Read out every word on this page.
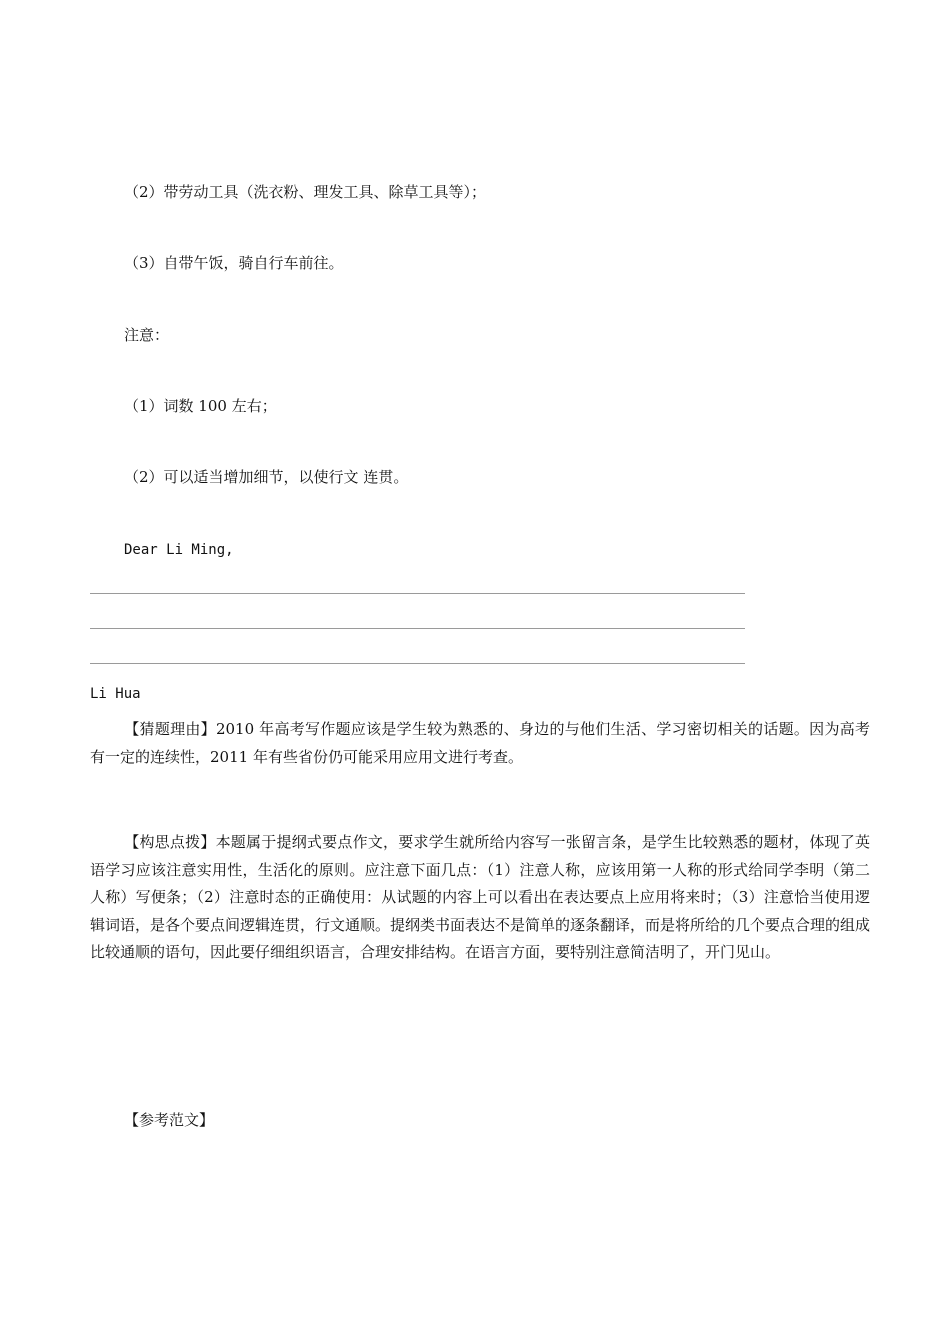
（2）带劳动工具（洗衣粉、理发工具、除草工具等）；
（3）自带午饭，骑自行车前往。
注意：
（1）词数 100 左右；
（2）可以适当增加细节，以使行文 连贯。
Dear Li Ming,
Li Hua
【猜题理由】2010 年高考写作题应该是学生较为熟悉的、身边的与他们生活、学习密切相关的话题。因为高考有一定的连续性，2011 年有些省份仍可能采用应用文进行考查。
【构思点拨】本题属于提纲式要点作文，要求学生就所给内容写一张留言条，是学生比较熟悉的题材，体现了英语学习应该注意实用性，生活化的原则。应注意下面几点：（1）注意人称，应该用第一人称的形式给同学李明（第二人称）写便条；（2）注意时态的正确使用：从试题的内容上可以看出在表达要点上应用将来时；（3）注意恰当使用逻辑词语，是各个要点间逻辑连贯，行文通顺。提纲类书面表达不是简单的逐条翻译，而是将所给的几个要点合理的组成比较通顺的语句，因此要仔细组织语言，合理安排结构。在语言方面，要特别注意简洁明了，开门见山。
【参考范文】
